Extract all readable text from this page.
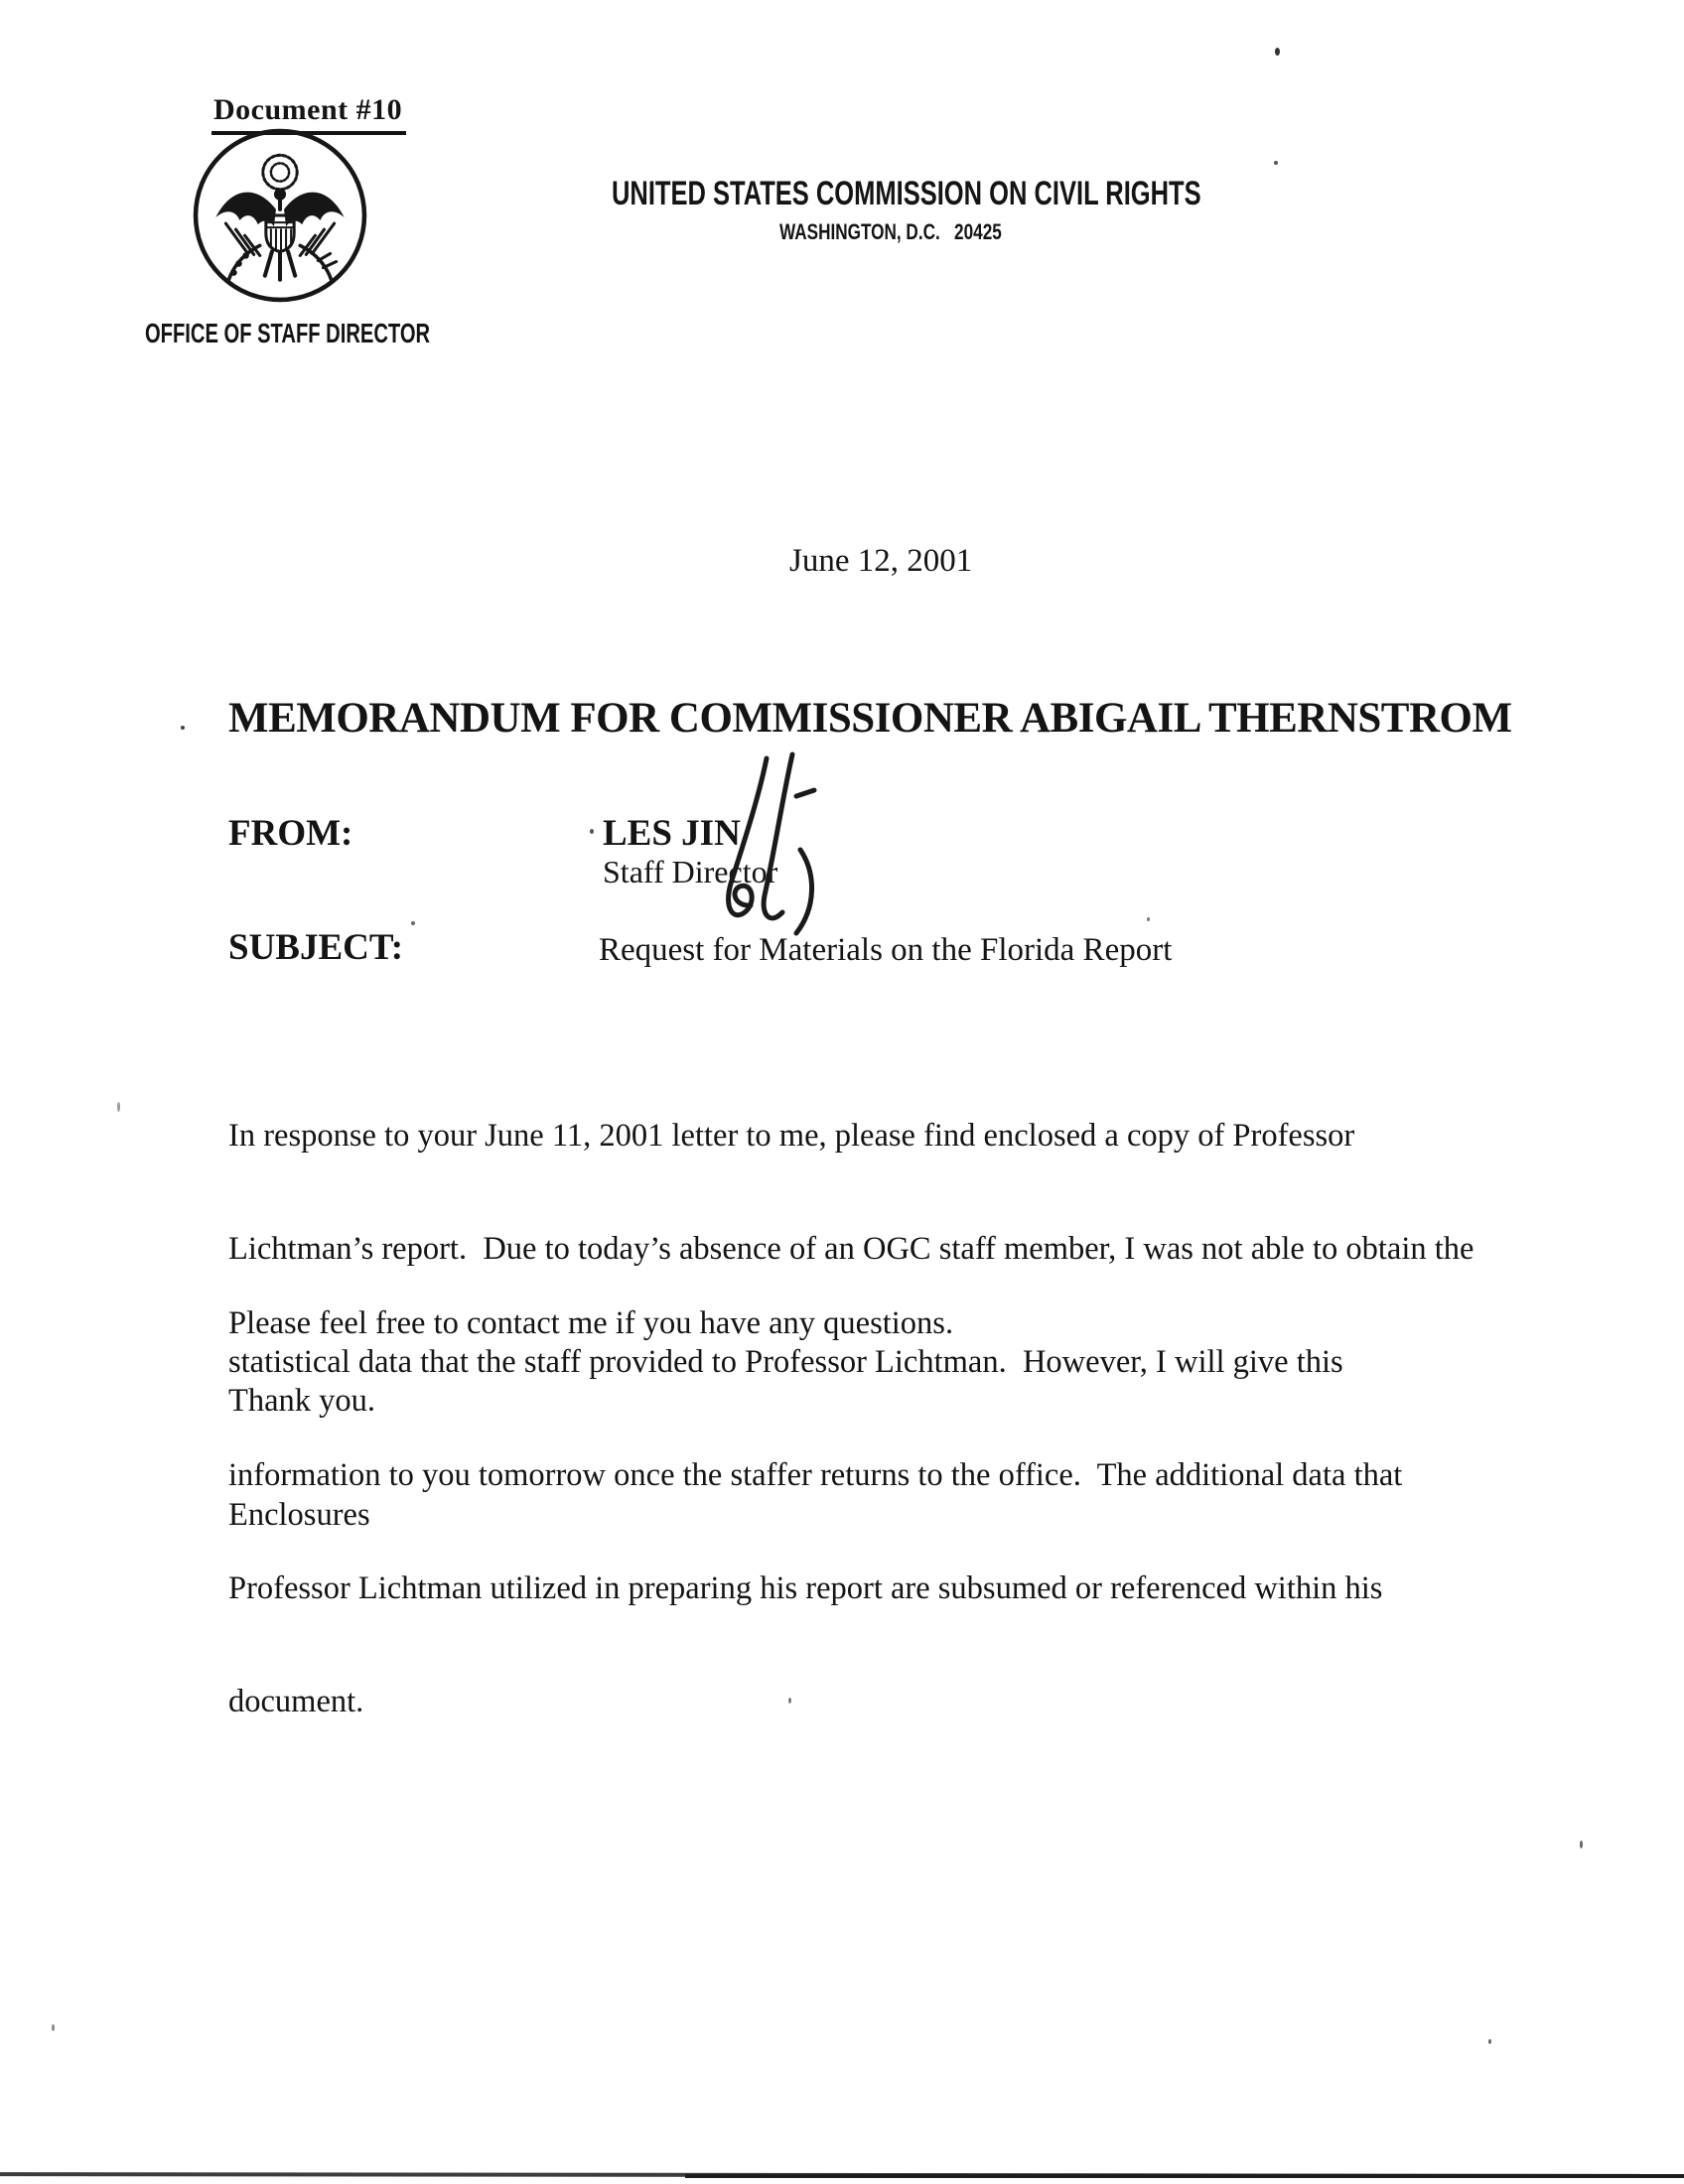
Document #10
OFFICE OF STAFF DIRECTOR
UNITED STATES COMMISSION ON CIVIL RIGHTS
WASHINGTON, D.C.   20425
June 12, 2001
MEMORANDUM FOR COMMISSIONER ABIGAIL THERNSTROM
FROM:	LES JIN
Staff Director
SUBJECT:	Request for Materials on the Florida Report

In response to your June 11, 2001 letter to me, please find enclosed a copy of Professor

Lichtman’s report.  Due to today’s absence of an OGC staff member, I was not able to obtain the

statistical data that the staff provided to Professor Lichtman.  However, I will give this

information to you tomorrow once the staffer returns to the office.  The additional data that

Professor Lichtman utilized in preparing his report are subsumed or referenced within his

document.

Please feel free to contact me if you have any questions.
Thank you.
Enclosures
